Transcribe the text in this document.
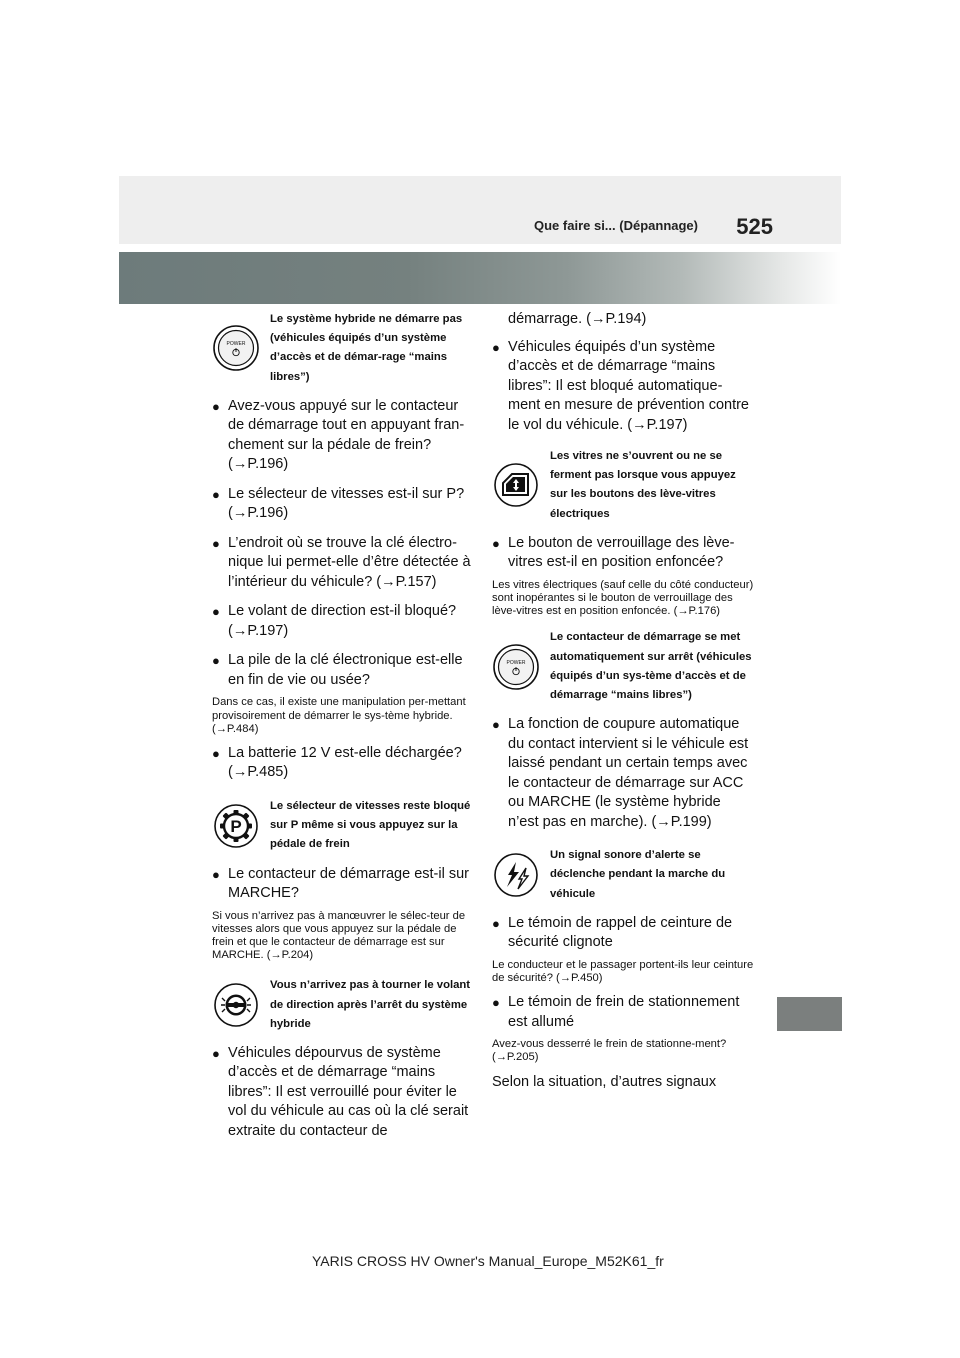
Que faire si... (Dépannage) 525
POWER
Le système hybride ne démarre pas (véhicules équipés d’un système d’accès et de démar-rage “mains libres”)
● Avez-vous appuyé sur le contacteur de démarrage tout en appuyant fran-chement sur la pédale de frein? (→P.196)
● Le sélecteur de vitesses est-il sur P? (→P.196)
● L’endroit où se trouve la clé électro-nique lui permet-elle d’être détectée à l’intérieur du véhicule? (→P.157)
● Le volant de direction est-il bloqué? (→P.197)
● La pile de la clé électronique est-elle en fin de vie ou usée?

Dans ce cas, il existe une manipulation per-mettant provisoirement de démarrer le sys-tème hybride. (→P.484)

● La batterie 12 V est-elle déchargée? (→P.485)
P
Le sélecteur de vitesses reste bloqué sur P même si vous appuyez sur la pédale de frein
● Le contacteur de démarrage est-il sur MARCHE?

Si vous n’arrivez pas à manœuvrer le sélec-teur de vitesses alors que vous appuyez sur la pédale de frein et que le contacteur de démarrage est sur MARCHE. (→P.204)

Vous n’arrivez pas à tourner le volant de direction après l’arrêt du système hybride
● Véhicules dépourvus de système d’accès et de démarrage “mains libres”: Il est verrouillé pour éviter le vol du véhicule au cas où la clé serait extraite du contacteur de

démarrage. (→P.194)

● Véhicules équipés d’un système d’accès et de démarrage “mains libres”: Il est bloqué automatique-ment en mesure de prévention contre le vol du véhicule. (→P.197)
Les vitres ne s’ouvrent ou ne se ferment pas lorsque vous appuyez sur les boutons des lève-vitres électriques
● Le bouton de verrouillage des lève-vitres est-il en position enfoncée?

Les vitres électriques (sauf celle du côté conducteur) sont inopérantes si le bouton de verrouillage des lève-vitres est en position enfoncée. (→P.176)

POWER
Le contacteur de démarrage se met automatiquement sur arrêt (véhicules équipés d’un sys-tème d’accès et de démarrage “mains libres”)
● La fonction de coupure automatique du contact intervient si le véhicule est laissé pendant un certain temps avec le contacteur de démarrage sur ACC ou MARCHE (le système hybride n’est pas en marche). (→P.199)
Un signal sonore d’alerte se déclenche pendant la marche du véhicule
● Le témoin de rappel de ceinture de sécurité clignote

Le conducteur et le passager portent-ils leur ceinture de sécurité? (→P.450)

● Le témoin de frein de stationnement est allumé

Avez-vous desserré le frein de stationne-ment? (→P.205)

Selon la situation, d’autres signaux

YARIS CROSS HV Owner's Manual_Europe_M52K61_fr
